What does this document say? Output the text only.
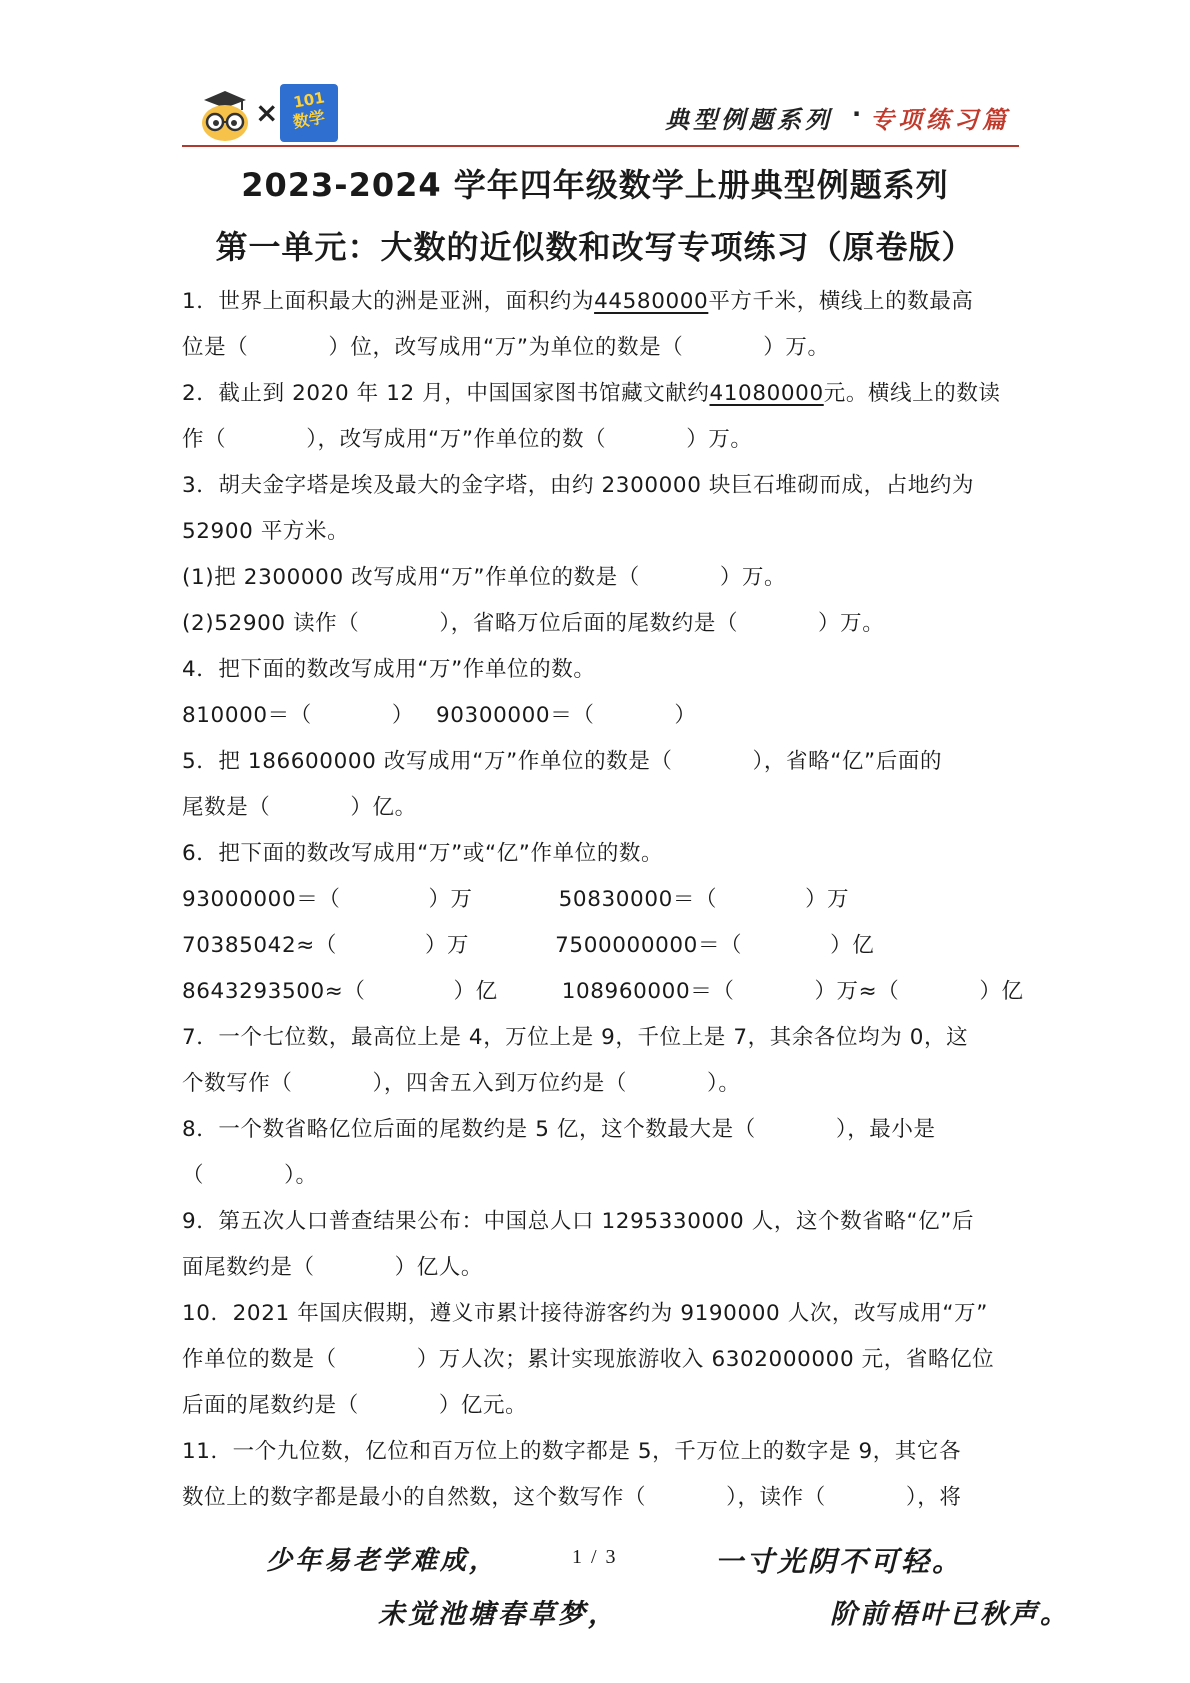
× 101
数学	典型例题系列 · 专项练习篇
2023-2024 学年四年级数学上册典型例题系列
第一单元：大数的近似数和改写专项练习（原卷版）
1．世界上面积最大的洲是亚洲，面积约为44580000平方千米，横线上的数最高
位是（	）位，改写成用“万”为单位的数是（	）万。
2．截止到 2020 年 12 月，中国国家图书馆藏文献约41080000元。横线上的数读
作（	），改写成用“万”作单位的数（	）万。
3．胡夫金字塔是埃及最大的金字塔，由约 2300000 块巨石堆砌而成，占地约为
52900 平方米。
(1)把 2300000 改写成用“万”作单位的数是（	）万。
(2)52900 读作（	），省略万位后面的尾数约是（	）万。
4．把下面的数改写成用“万”作单位的数。
810000＝（	） 90300000＝（	）
5．把 186600000 改写成用“万”作单位的数是（	），省略“亿”后面的
尾数是（	）亿。
6．把下面的数改写成用“万”或“亿”作单位的数。
93000000＝（	）万	50830000＝（	）万
70385042≈（	）万	7500000000＝（	）亿
8643293500≈（	）亿	108960000＝（	）万≈（	）亿
7．一个七位数，最高位上是 4，万位上是 9，千位上是 7，其余各位均为 0，这
个数写作（	），四舍五入到万位约是（	）。
8．一个数省略亿位后面的尾数约是 5 亿，这个数最大是（	），最小是
（	）。
9．第五次人口普查结果公布：中国总人口 1295330000 人，这个数省略“亿”后
面尾数约是（	）亿人。
10．2021 年国庆假期，遵义市累计接待游客约为 9190000 人次，改写成用“万”
作单位的数是（	）万人次；累计实现旅游收入 6302000000 元，省略亿位
后面的尾数约是（	）亿元。
11．一个九位数，亿位和百万位上的数字都是 5，千万位上的数字是 9，其它各
数位上的数字都是最小的自然数，这个数写作（	），读作（	），将
少年易老学难成，	1 / 3	一寸光阴不可轻。
未觉池塘春草梦，	阶前梧叶已秋声。
